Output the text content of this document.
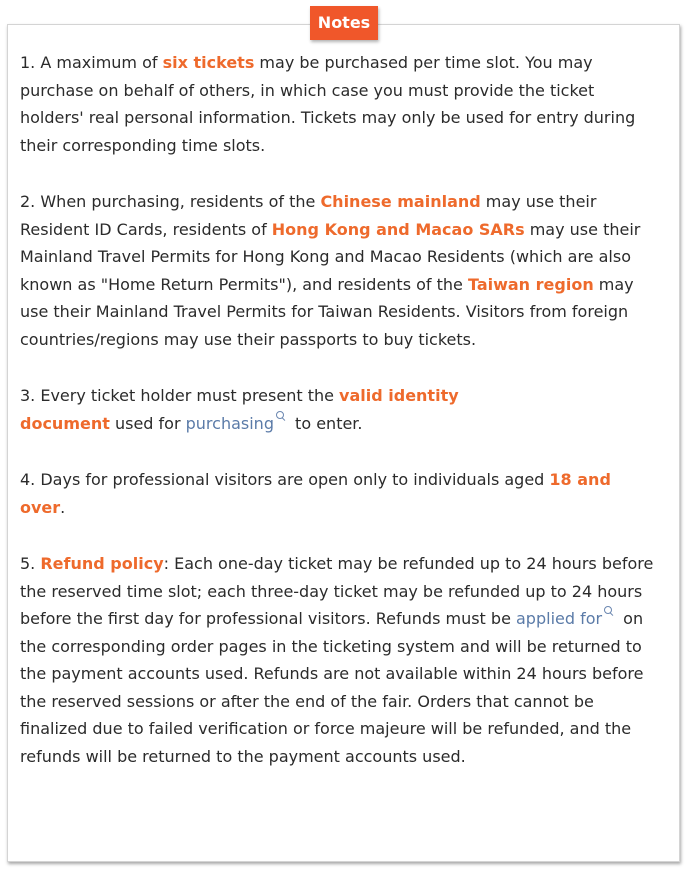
Notes

1. A maximum of six tickets may be purchased per time slot. You may purchase on behalf of others, in which case you must provide the ticket holders' real personal information. Tickets may only be used for entry during their corresponding time slots.

2. When purchasing, residents of the Chinese mainland may use their Resident ID Cards, residents of Hong Kong and Macao SARs may use their Mainland Travel Permits for Hong Kong and Macao Residents (which are also known as "Home Return Permits"), and residents of the Taiwan region may use their Mainland Travel Permits for Taiwan Residents. Visitors from foreign countries/regions may use their passports to buy tickets.

3. Every ticket holder must present the valid identity
document used for purchasing to enter.

4. Days for professional visitors are open only to individuals aged 18 and over.

5. Refund policy: Each one-day ticket may be refunded up to 24 hours before the reserved time slot; each three-day ticket may be refunded up to 24 hours before the first day for professional visitors. Refunds must be applied for on the corresponding order pages in the ticketing system and will be returned to the payment accounts used. Refunds are not available within 24 hours before the reserved sessions or after the end of the fair. Orders that cannot be finalized due to failed verification or force majeure will be refunded, and the refunds will be returned to the payment accounts used.
